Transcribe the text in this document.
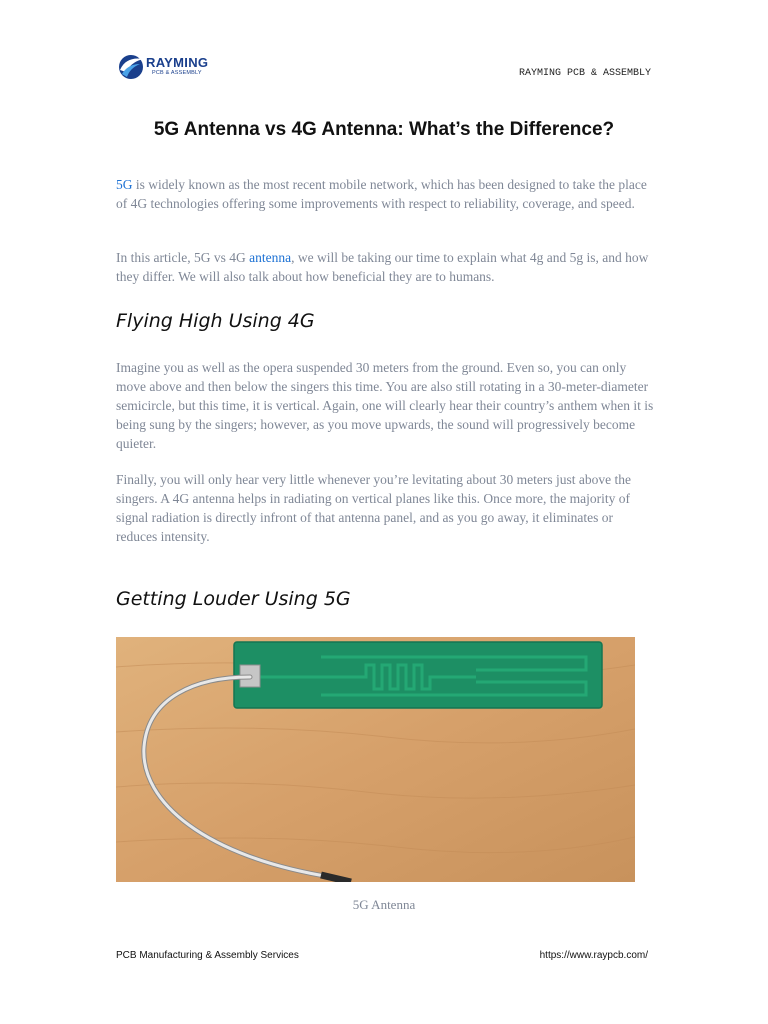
RAYMING
PCB & ASSEMBLY	RAYMING PCB & ASSEMBLY
5G Antenna vs 4G Antenna: What’s the Difference?

5G is widely known as the most recent mobile network, which has been designed to take the place of 4G technologies offering some improvements with respect to reliability, coverage, and speed.

In this article, 5G vs 4G antenna, we will be taking our time to explain what 4g and 5g is, and how they differ. We will also talk about how beneficial they are to humans.

Flying High Using 4G

Imagine you as well as the opera suspended 30 meters from the ground. Even so, you can only move above and then below the singers this time. You are also still rotating in a 30-meter-diameter semicircle, but this time, it is vertical. Again, one will clearly hear their country’s anthem when it is being sung by the singers; however, as you move upwards, the sound will progressively become quieter.

Finally, you will only hear very little whenever you’re levitating about 30 meters just above the singers. A 4G antenna helps in radiating on vertical planes like this. Once more, the majority of signal radiation is directly infront of that antenna panel, and as you go away, it eliminates or reduces intensity.

Getting Louder Using 5G
5G Antenna
PCB Manufacturing & Assembly Services	https://www.raypcb.com/
